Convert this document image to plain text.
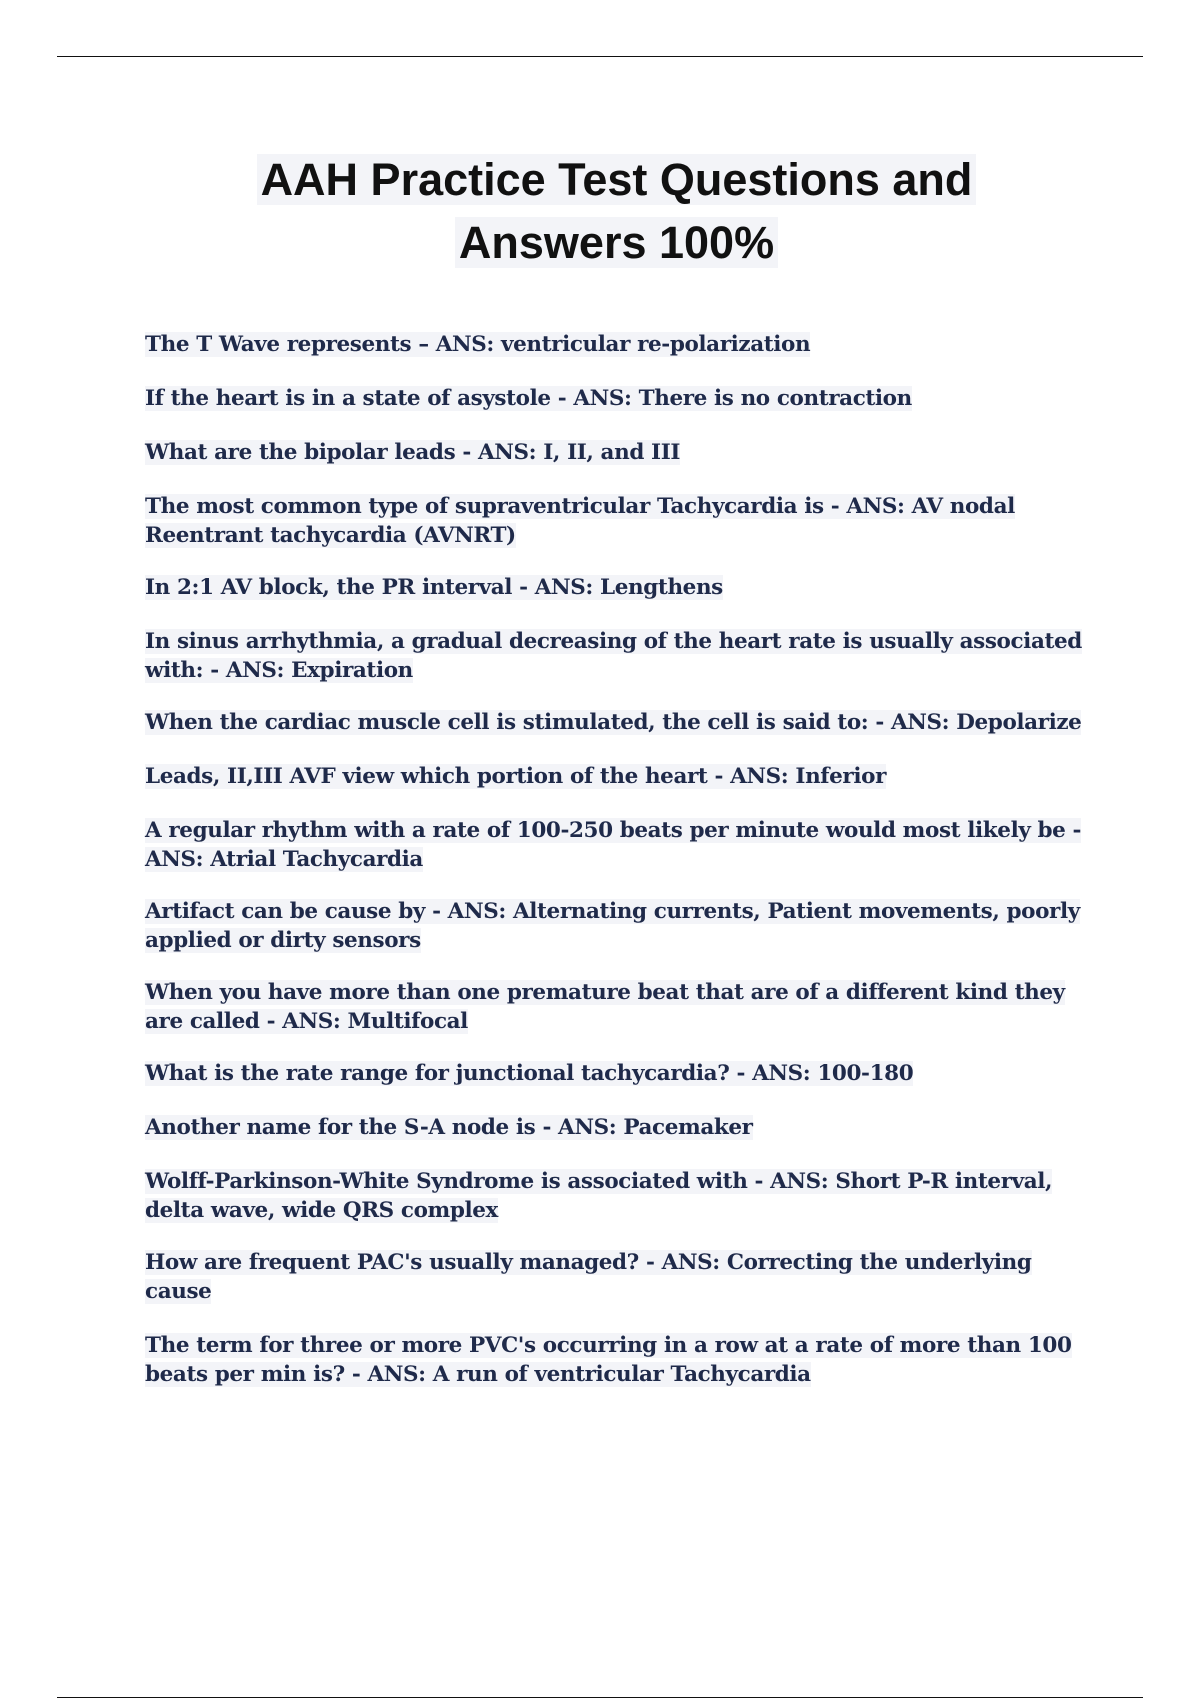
AAH Practice Test Questions and
Answers 100%

The T Wave represents – ANS: ventricular re-polarization

If the heart is in a state of asystole - ANS: There is no contraction

What are the bipolar leads - ANS: I, II, and III

The most common type of supraventricular Tachycardia is - ANS: AV nodal Reentrant tachycardia (AVNRT)

In 2:1 AV block, the PR interval - ANS: Lengthens

In sinus arrhythmia, a gradual decreasing of the heart rate is usually associated with: - ANS: Expiration

When the cardiac muscle cell is stimulated, the cell is said to: - ANS: Depolarize

Leads, II,III AVF view which portion of the heart - ANS: Inferior

A regular rhythm with a rate of 100-250 beats per minute would most likely be - ANS: Atrial Tachycardia

Artifact can be cause by - ANS: Alternating currents, Patient movements, poorly applied or dirty sensors

When you have more than one premature beat that are of a different kind they are called - ANS: Multifocal

What is the rate range for junctional tachycardia? - ANS: 100-180

Another name for the S-A node is - ANS: Pacemaker

Wolff-Parkinson-White Syndrome is associated with - ANS: Short P-R interval, delta wave, wide QRS complex

How are frequent PAC's usually managed? - ANS: Correcting the underlying cause

The term for three or more PVC's occurring in a row at a rate of more than 100 beats per min is? - ANS: A run of ventricular Tachycardia
